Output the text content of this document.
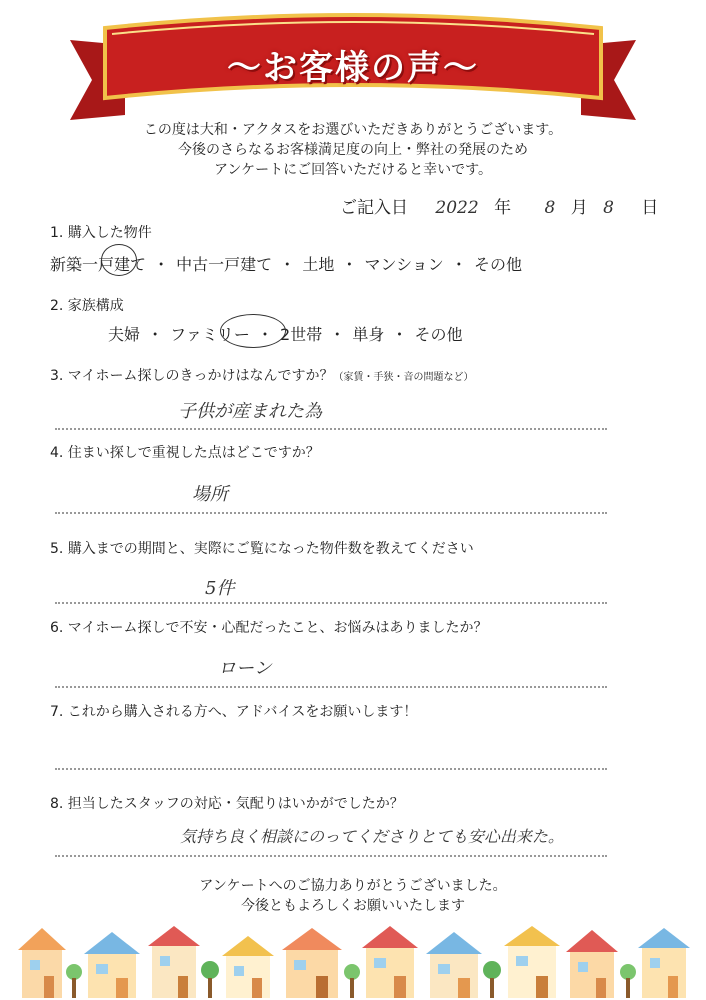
〜お客様の声〜
この度は大和・アクタスをお選びいただきありがとうございます。
今後のさらなるお客様満足度の向上・弊社の発展のため
アンケートにご回答いただけると幸いです。
ご記入日 2022 年 8 月 8 日
1. 購入した物件
新築一戸建て ・ 中古一戸建て ・ 土地 ・ マンション ・ その他
2. 家族構成
夫婦 ・ ファミリー ・ 2世帯 ・ 単身 ・ その他
3. マイホーム探しのきっかけはなんですか？（家賃・手狭・音の問題など）
子供が産まれた為
4. 住まい探しで重視した点はどこですか？
場所
5. 購入までの期間と、実際にご覧になった物件数を教えてください
5件
6. マイホーム探しで不安・心配だったこと、お悩みはありましたか？
ローン
7. これから購入される方へ、アドバイスをお願いします！
8. 担当したスタッフの対応・気配りはいかがでしたか？
気持ち良く相談にのってくださりとても安心出来た。
アンケートへのご協力ありがとうございました。
今後ともよろしくお願いいたします
